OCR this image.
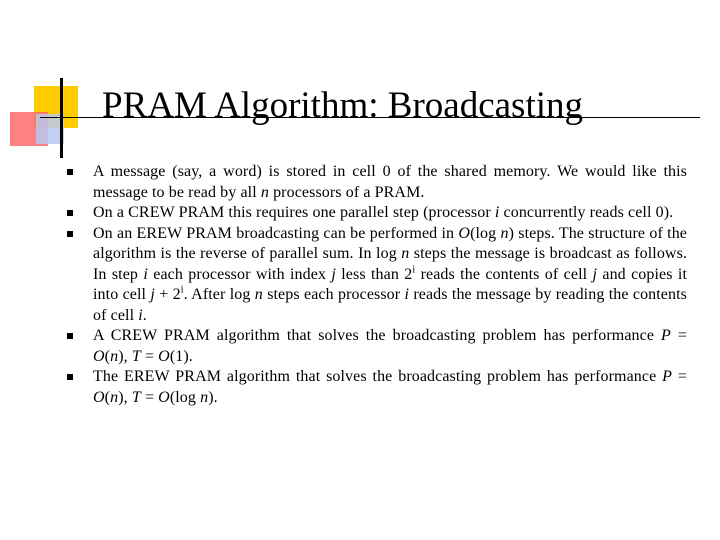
PRAM Algorithm: Broadcasting
A message (say, a word) is stored in cell 0 of the shared memory. We would like this message to be read by all n processors of a PRAM.
On a CREW PRAM this requires one parallel step (processor i concurrently reads cell 0).
On an EREW PRAM broadcasting can be performed in O(log n) steps. The structure of the algorithm is the reverse of parallel sum. In log n steps the message is broadcast as follows. In step i each processor with index j less than 2$^i$ reads the contents of cell j and copies it into cell $j + 2^i$. After log n steps each processor i reads the message by reading the contents of cell i.
A CREW PRAM algorithm that solves the broadcasting problem has performance P = O(n), T = O(1).
The EREW PRAM algorithm that solves the broadcasting problem has performance P = O(n), T = O(log n).
